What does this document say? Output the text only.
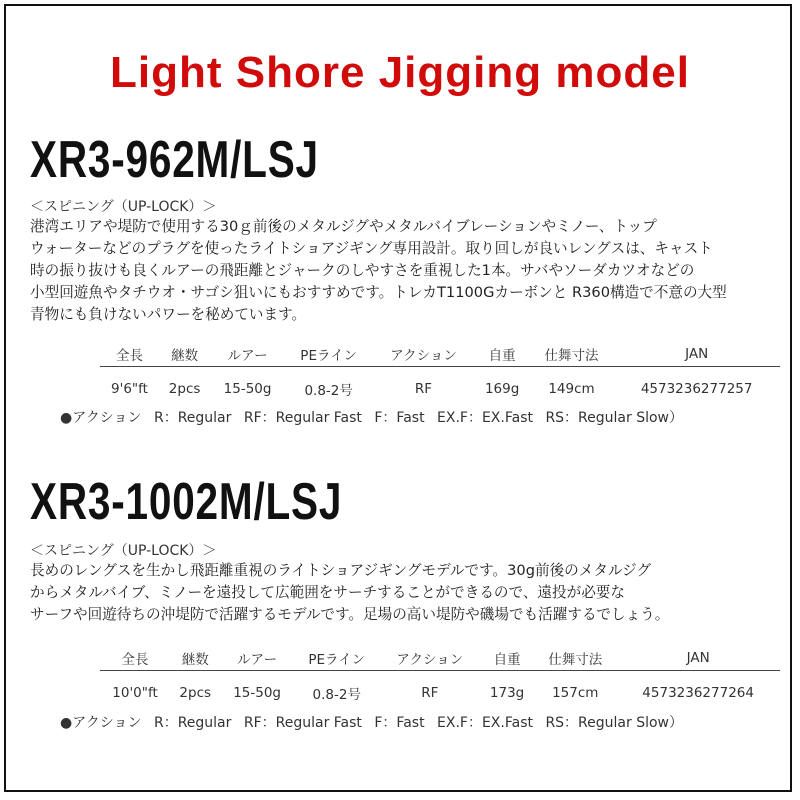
Light Shore Jigging model
XR3-962M/LSJ
＜スピニング（UP-LOCK）＞
港湾エリアや堤防で使用する30ｇ前後のメタルジグやメタルバイブレーションやミノー、トップ
ウォーターなどのプラグを使ったライトショアジギング専用設計。取り回しが良いレングスは、キャスト
時の振り抜けも良くルアーの飛距離とジャークのしやすさを重視した1本。サバやソーダカツオなどの
小型回遊魚やタチウオ・サゴシ狙いにもおすすめです。トレカT1100Gカーボンと R360構造で不意の大型
青物にも負けないパワーを秘めています。
全長	継数	ルアー	PEライン	アクション	自重	仕舞寸法	JAN
9'6"ft	2pcs	15-50g	0.8-2号	RF	169g	149cm	4573236277257
●アクション R：Regular RF：Regular Fast F：Fast EX.F：EX.Fast RS：Regular Slow）
XR3-1002M/LSJ
＜スピニング（UP-LOCK）＞
長めのレングスを生かし飛距離重視のライトショアジギングモデルです。30g前後のメタルジグ
からメタルバイブ、ミノーを遠投して広範囲をサーチすることができるので、遠投が必要な
サーフや回遊待ちの沖堤防で活躍するモデルです。足場の高い堤防や磯場でも活躍するでしょう。
全長	継数	ルアー	PEライン	アクション	自重	仕舞寸法	JAN
10'0"ft	2pcs	15-50g	0.8-2号	RF	173g	157cm	4573236277264
●アクション R：Regular RF：Regular Fast F：Fast EX.F：EX.Fast RS：Regular Slow）
